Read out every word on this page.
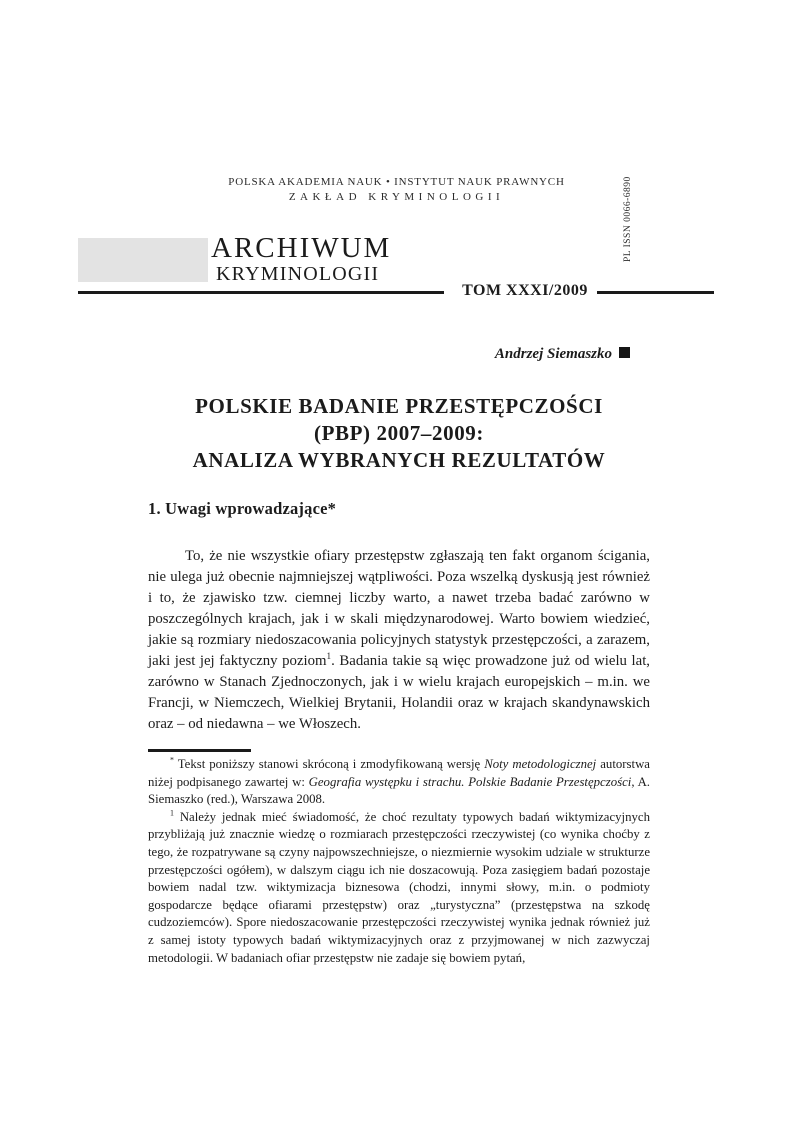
POLSKA AKADEMIA NAUK • INSTYTUT NAUK PRAWNYCH
ZAKŁAD KRYMINOLOGII	PL ISSN 0066-6890
ARCHIWUM
KRYMINOLOGII
TOM XXXI/2009
Andrzej Siemaszko
POLSKIE BADANIE PRZESTĘPCZOŚCI
(PBP) 2007–2009:
ANALIZA WYBRANYCH REZULTATÓW
1. Uwagi wprowadzające*
To, że nie wszystkie ofiary przestępstw zgłaszają ten fakt organom ścigania, nie ulega już obecnie najmniejszej wątpliwości. Poza wszelką dyskusją jest również i to, że zjawisko tzw. ciemnej liczby warto, a nawet trzeba badać zarówno w poszczególnych krajach, jak i w skali międzynarodowej. Warto bowiem wiedzieć, jakie są rozmiary niedoszacowania policyjnych statystyk przestępczości, a zarazem, jaki jest jej faktyczny poziom$^1$. Badania takie są więc prowadzone już od wielu lat, zarówno w Stanach Zjednoczonych, jak i w wielu krajach europejskich – m.in. we Francji, w Niemczech, Wielkiej Brytanii, Holandii oraz w krajach skandynawskich oraz – od niedawna – we Włoszech.

* Tekst poniższy stanowi skróconą i zmodyfikowaną wersję Noty metodologicznej autorstwa niżej podpisanego zawartej w: Geografia występku i strachu. Polskie Badanie Przestępczości, A. Siemaszko (red.), Warszawa 2008.

$^1$ Należy jednak mieć świadomość, że choć rezultaty typowych badań wiktymizacyjnych przybliżają już znacznie wiedzę o rozmiarach przestępczości rzeczywistej (co wynika choćby z tego, że rozpatrywane są czyny najpowszechniejsze, o niezmiernie wysokim udziale w strukturze przestępczości ogółem), w dalszym ciągu ich nie doszacowują. Poza zasięgiem badań pozostaje bowiem nadal tzw. wiktymizacja biznesowa (chodzi, innymi słowy, m.in. o podmioty gospodarcze będące ofiarami przestępstw) oraz „turystyczna” (przestępstwa na szkodę cudzoziemców). Spore niedoszacowanie przestępczości rzeczywistej wynika jednak również już z samej istoty typowych badań wiktymizacyjnych oraz z przyjmowanej w nich zazwyczaj metodologii. W badaniach ofiar przestępstw nie zadaje się bowiem pytań,
